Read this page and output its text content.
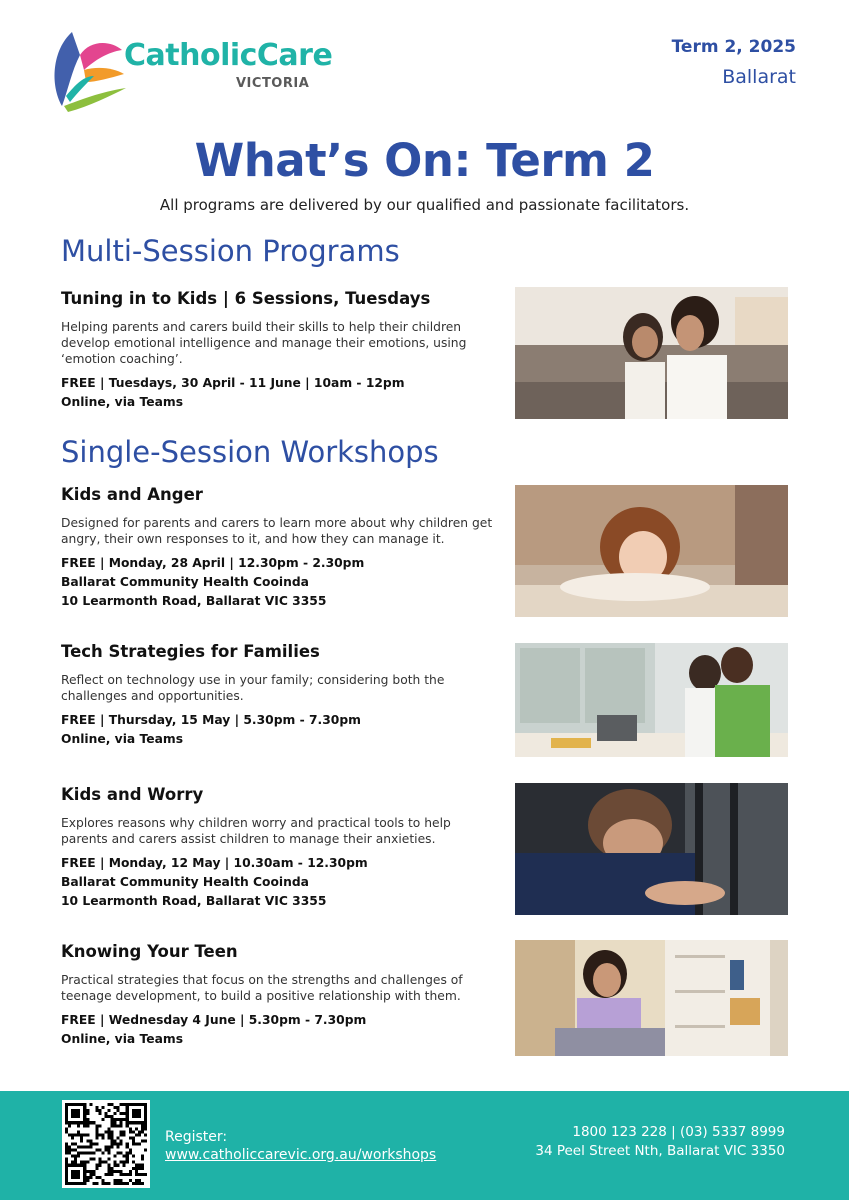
CatholicCare
VICTORIA
Term 2, 2025
Ballarat
What’s On: Term 2
All programs are delivered by our qualified and passionate facilitators.
Multi-Session Programs
Tuning in to Kids | 6 Sessions, Tuesdays
Helping parents and carers build their skills to help their children develop emotional intelligence and manage their emotions, using ‘emotion coaching’.
FREE | Tuesdays, 30 April - 11 June | 10am - 12pm
Online, via Teams
Single-Session Workshops
Kids and Anger
Designed for parents and carers to learn more about why children get angry, their own responses to it, and how they can manage it.
FREE | Monday, 28 April | 12.30pm - 2.30pm
Ballarat Community Health Cooinda
10 Learmonth Road, Ballarat VIC 3355
Tech Strategies for Families
Reflect on technology use in your family; considering both the challenges and opportunities.
FREE | Thursday, 15 May | 5.30pm - 7.30pm
Online, via Teams
Kids and Worry
Explores reasons why children worry and practical tools to help parents and carers assist children to manage their anxieties.
FREE | Monday, 12 May | 10.30am - 12.30pm
Ballarat Community Health Cooinda
10 Learmonth Road, Ballarat VIC 3355
Knowing Your Teen
Practical strategies that focus on the strengths and challenges of teenage development, to build a positive relationship with them.
FREE | Wednesday 4 June | 5.30pm - 7.30pm
Online, via Teams
Register:
www.catholiccarevic.org.au/workshops
1800 123 228 | (03) 5337 8999
34 Peel Street Nth, Ballarat VIC 3350
